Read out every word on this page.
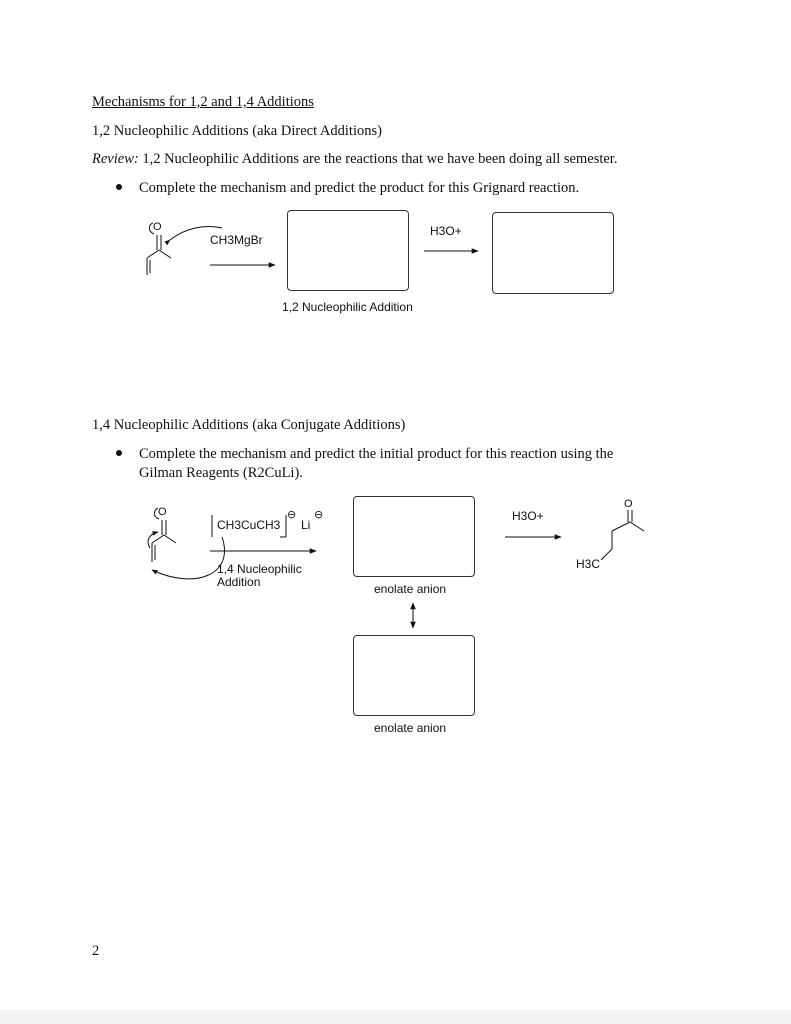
Mechanisms for 1,2 and 1,4 Additions
1,2 Nucleophilic Additions (aka Direct Additions)
Review: 1,2 Nucleophilic Additions are the reactions that we have been doing all semester.
Complete the mechanism and predict the product for this Grignard reaction.
1,4 Nucleophilic Additions (aka Conjugate Additions)
Complete the mechanism and predict the initial product for this reaction using the
Gilman Reagents (R2CuLi).
2
CH3MgBr
H3O+
1,2 Nucleophilic Addition
CH3CuCH3 Li
⊖ ⊖
1,4 Nucleophilic
Addition
H3O+
enolate anion
enolate anion
H3C
O
O
O
